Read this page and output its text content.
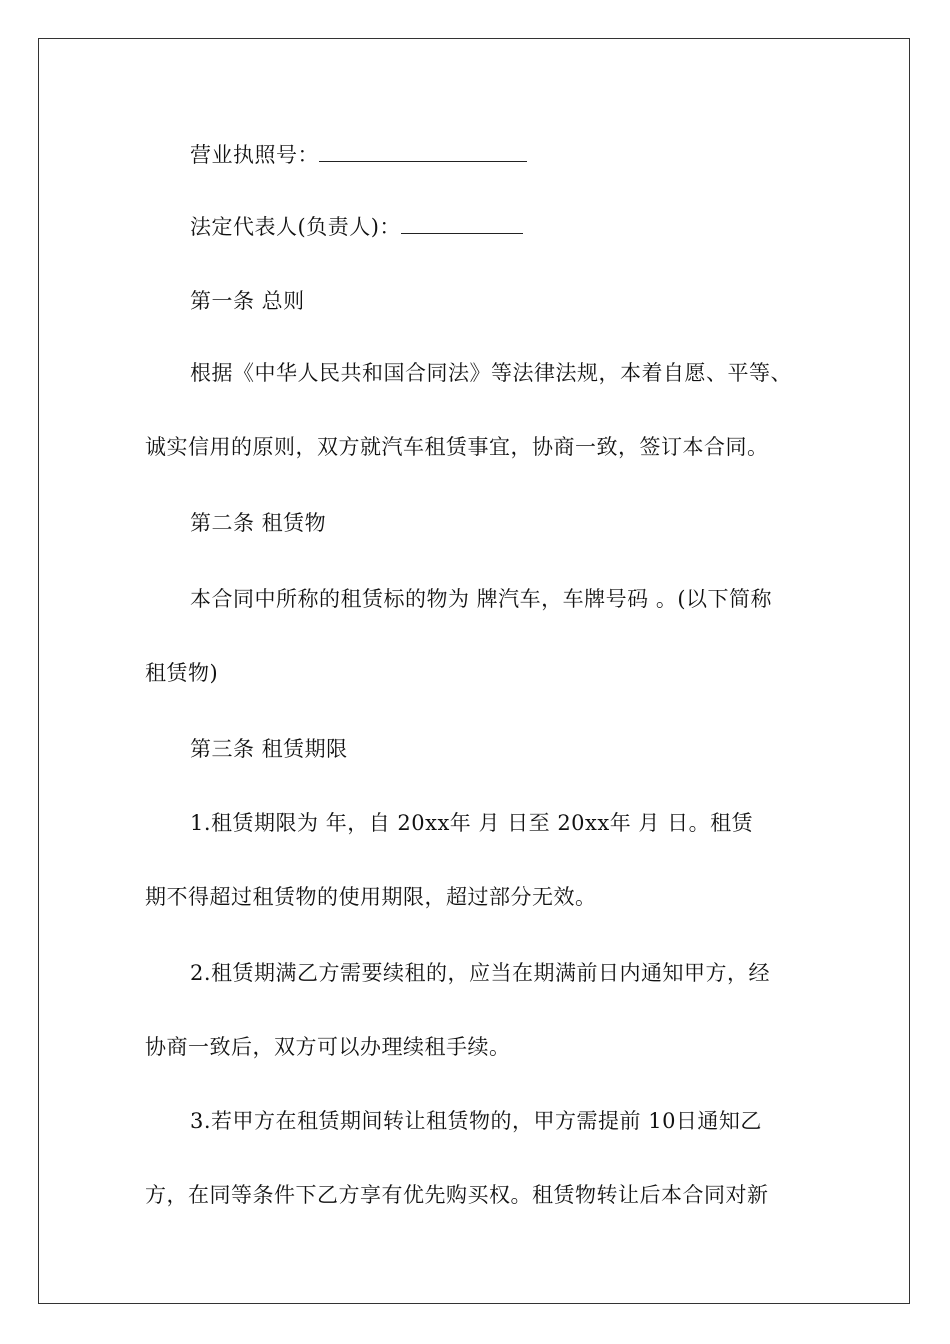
营业执照号：
法定代表人(负责人)：
第一条 总则
根据《中华人民共和国合同法》等法律法规，本着自愿、平等、
诚实信用的原则，双方就汽车租赁事宜，协商一致，签订本合同。
第二条 租赁物
本合同中所称的租赁标的物为 牌汽车，车牌号码 。(以下简称
租赁物)
第三条 租赁期限
1.租赁期限为 年，自 20xx年 月 日至 20xx年 月 日。租赁
期不得超过租赁物的使用期限，超过部分无效。
2.租赁期满乙方需要续租的，应当在期满前日内通知甲方，经
协商一致后，双方可以办理续租手续。
3.若甲方在租赁期间转让租赁物的，甲方需提前 10日通知乙
方，在同等条件下乙方享有优先购买权。租赁物转让后本合同对新
